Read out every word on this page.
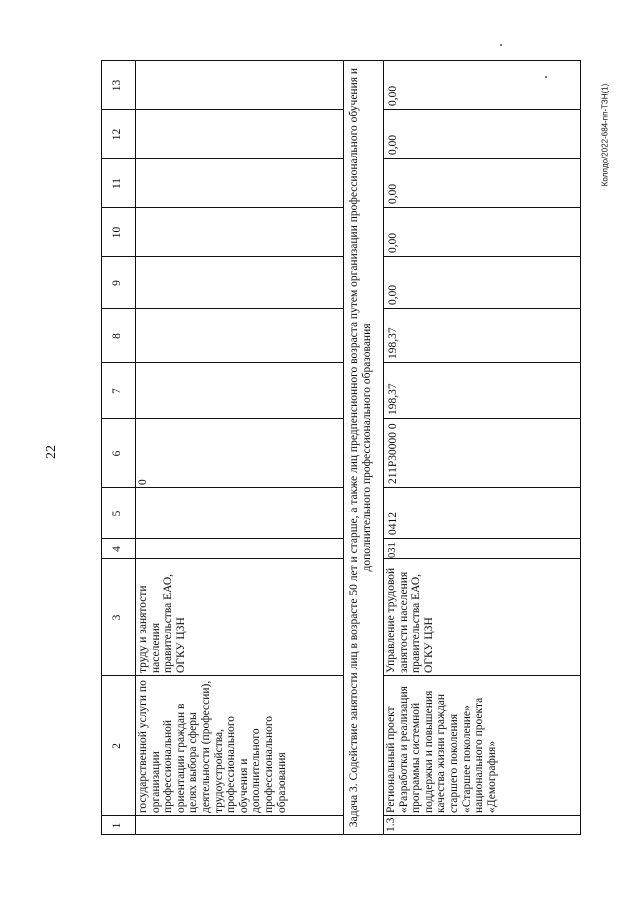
22
Коллдо/2022-684-пп-ТЗН(1)
1
2
3
4
5
6
7
8
9
10
11
12
13
государственной услуги по организации профессиональной ориентации граждан в целях выбора сферы деятельности (профессии), трудоустройства, профессионального обучения и дополнительного профессионального образования
труду и занятости населения правительства ЕАО, ОГКУ ЦЗН
0	Задача 3. Содействие занятости лиц в возрасте 50 лет и старше, а также лиц предпенсионного возраста путем организации профессионального обучения и дополнительного профессионального образования
1.3
Региональный проект «Разработка и реализация программы системной поддержки и повышения качества жизни граждан старшего поколения «Старшее поколение» национального проекта «Демография»
Управление трудовой занятости населения правительства ЕАО, ОГКУ ЦЗН
031
0412
211P30000 0
198,37
198,37
0,00
0,00
0,00
0,00
0,00
